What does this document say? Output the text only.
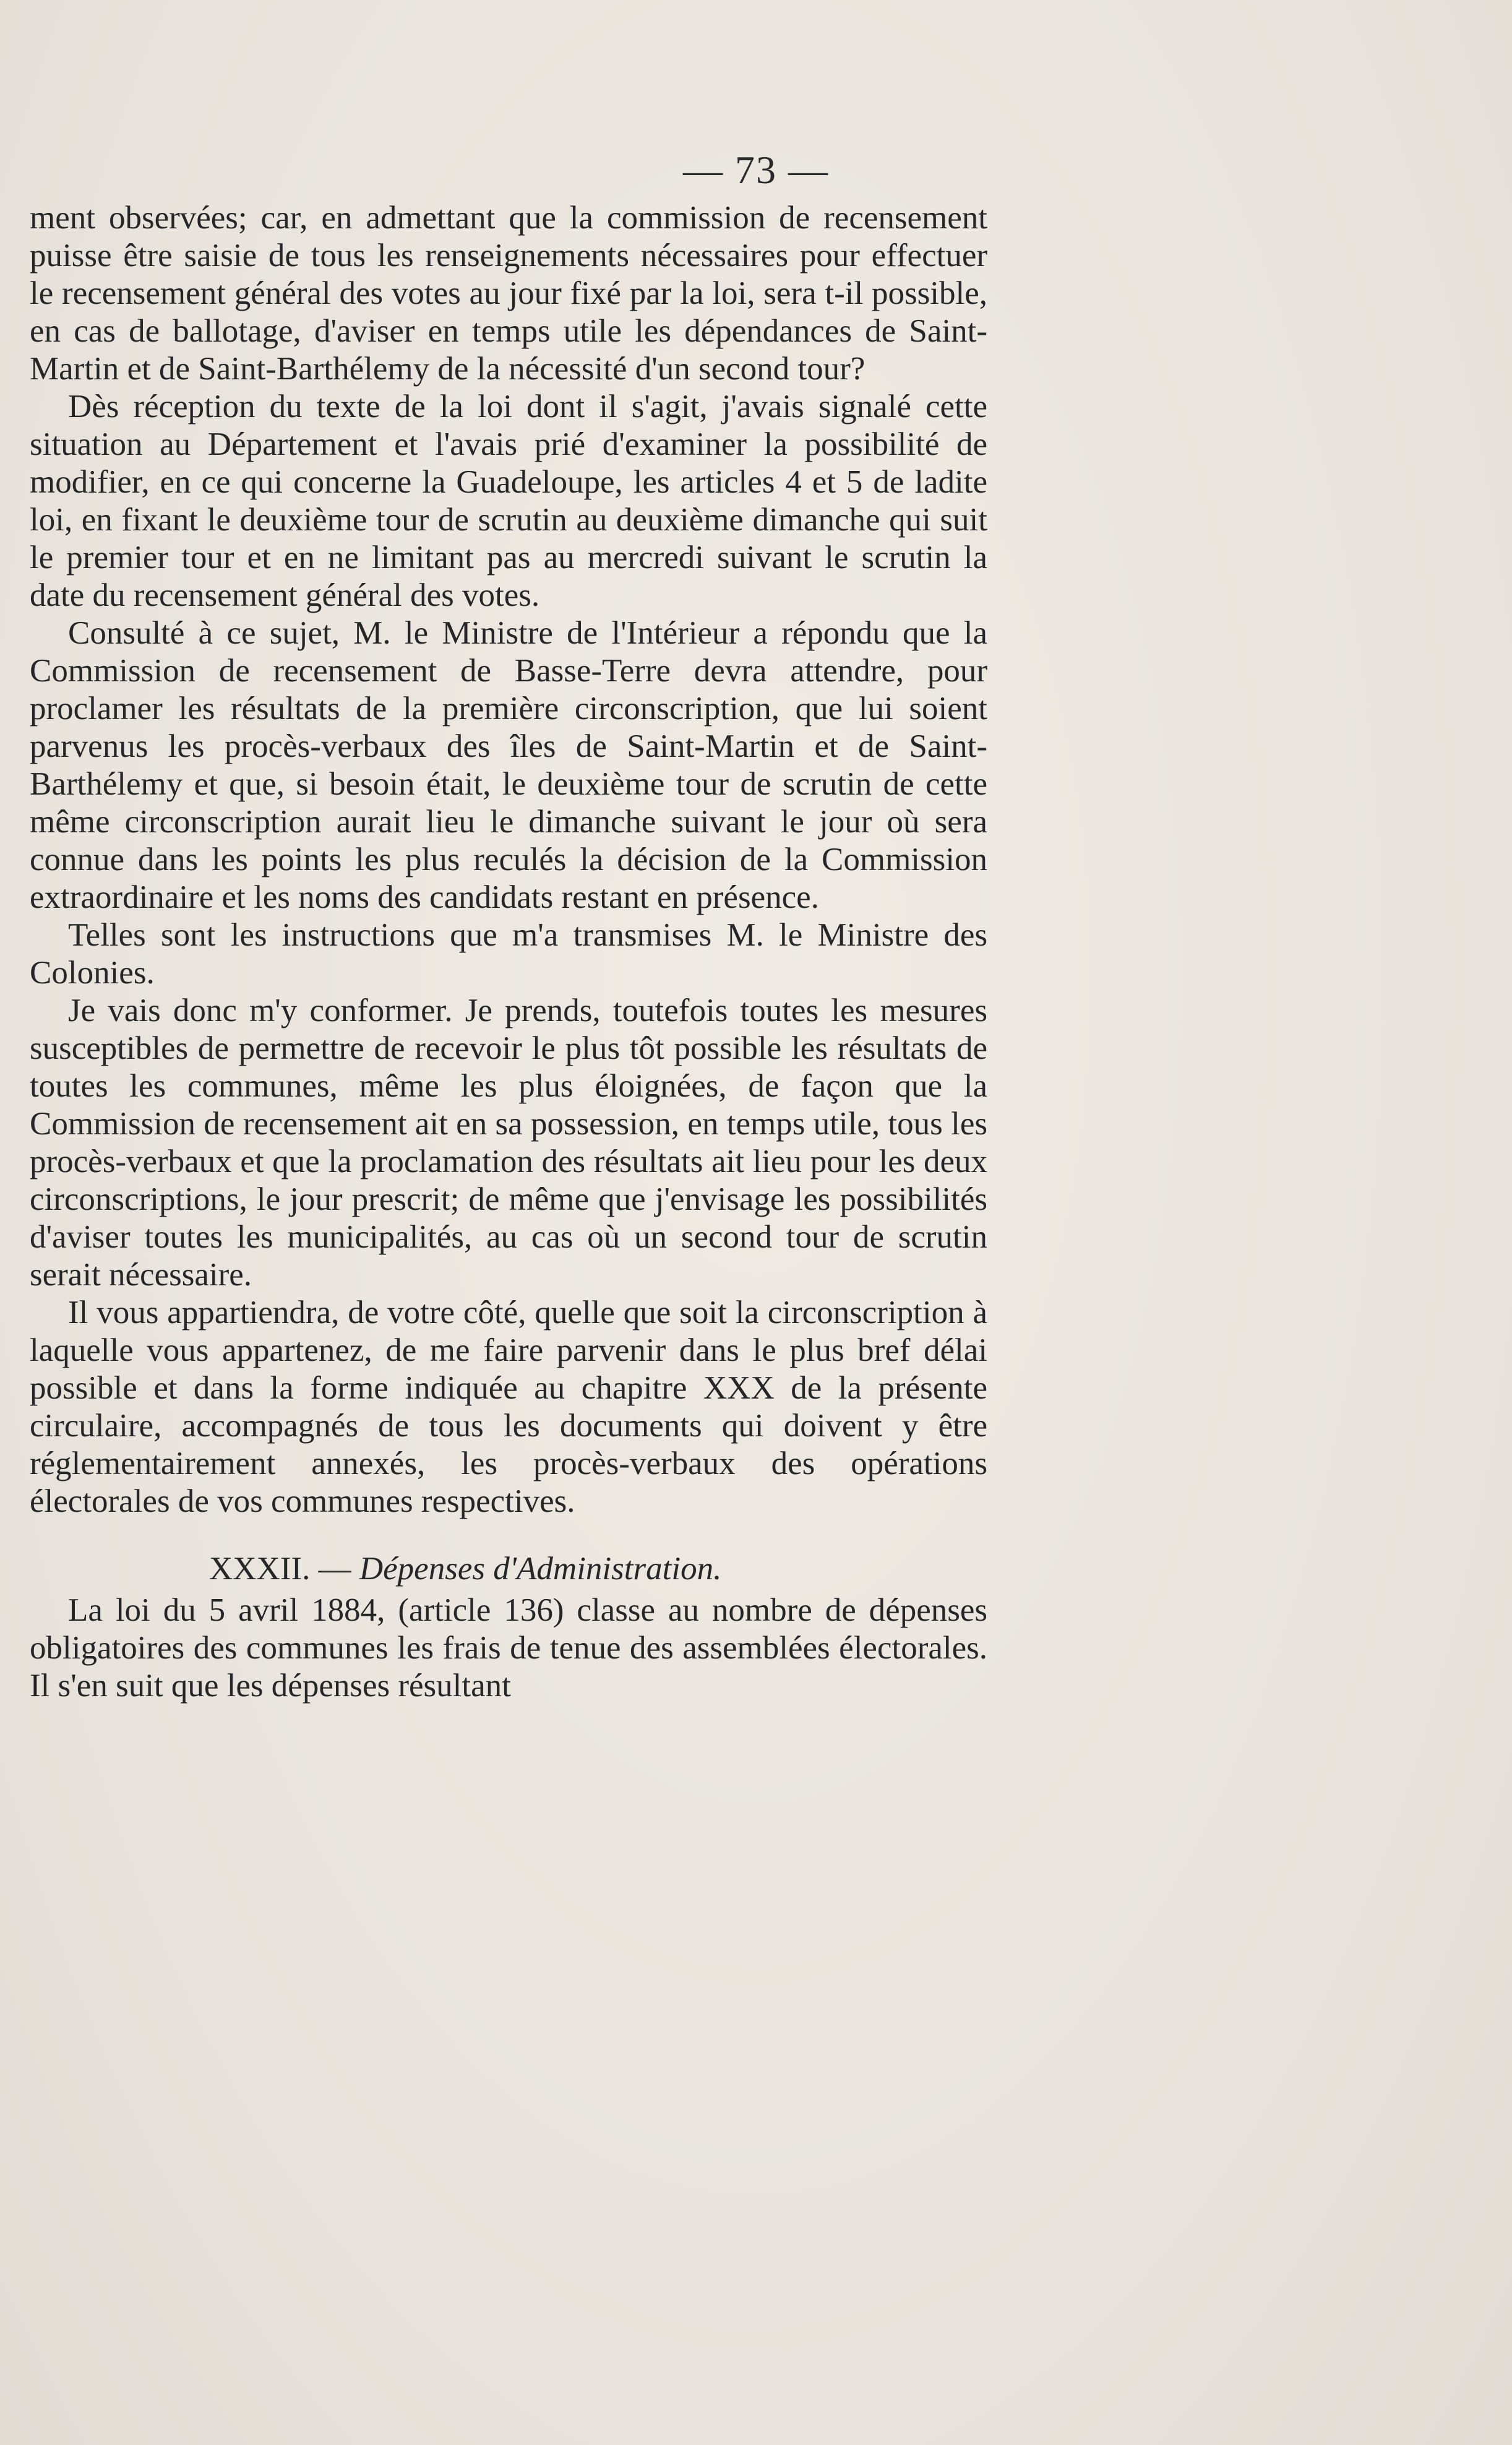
— 73 —

ment observées; car, en admettant que la commission de recensement puisse être saisie de tous les renseignements nécessaires pour effectuer le recensement général des votes au jour fixé par la loi, sera t-il possible, en cas de ballotage, d'aviser en temps utile les dépendances de Saint-Martin et de Saint-Barthélemy de la nécessité d'un second tour?

Dès réception du texte de la loi dont il s'agit, j'avais signalé cette situation au Département et l'avais prié d'examiner la possibilité de modifier, en ce qui concerne la Guadeloupe, les articles 4 et 5 de ladite loi, en fixant le deuxième tour de scrutin au deuxième dimanche qui suit le premier tour et en ne limitant pas au mercredi suivant le scrutin la date du recensement général des votes.

Consulté à ce sujet, M. le Ministre de l'Intérieur a répondu que la Commission de recensement de Basse-Terre devra attendre, pour proclamer les résultats de la première circonscription, que lui soient parvenus les procès-verbaux des îles de Saint-Martin et de Saint-Barthélemy et que, si besoin était, le deuxième tour de scrutin de cette même circonscription aurait lieu le dimanche suivant le jour où sera connue dans les points les plus reculés la décision de la Commission extraordinaire et les noms des candidats restant en présence.

Telles sont les instructions que m'a transmises M. le Ministre des Colonies.

Je vais donc m'y conformer. Je prends, toutefois toutes les mesures susceptibles de permettre de recevoir le plus tôt possible les résultats de toutes les communes, même les plus éloignées, de façon que la Commission de recensement ait en sa possession, en temps utile, tous les procès-verbaux et que la proclamation des résultats ait lieu pour les deux circonscriptions, le jour prescrit; de même que j'envisage les possibilités d'aviser toutes les municipalités, au cas où un second tour de scrutin serait nécessaire.

Il vous appartiendra, de votre côté, quelle que soit la circonscription à laquelle vous appartenez, de me faire parvenir dans le plus bref délai possible et dans la forme indiquée au chapitre XXX de la présente circulaire, accompagnés de tous les documents qui doivent y être réglementairement annexés, les procès-verbaux des opérations électorales de vos communes respectives.

XXXII. — Dépenses d'Administration.

La loi du 5 avril 1884, (article 136) classe au nombre de dépenses obligatoires des communes les frais de tenue des assemblées électorales. Il s'en suit que les dépenses résultant
